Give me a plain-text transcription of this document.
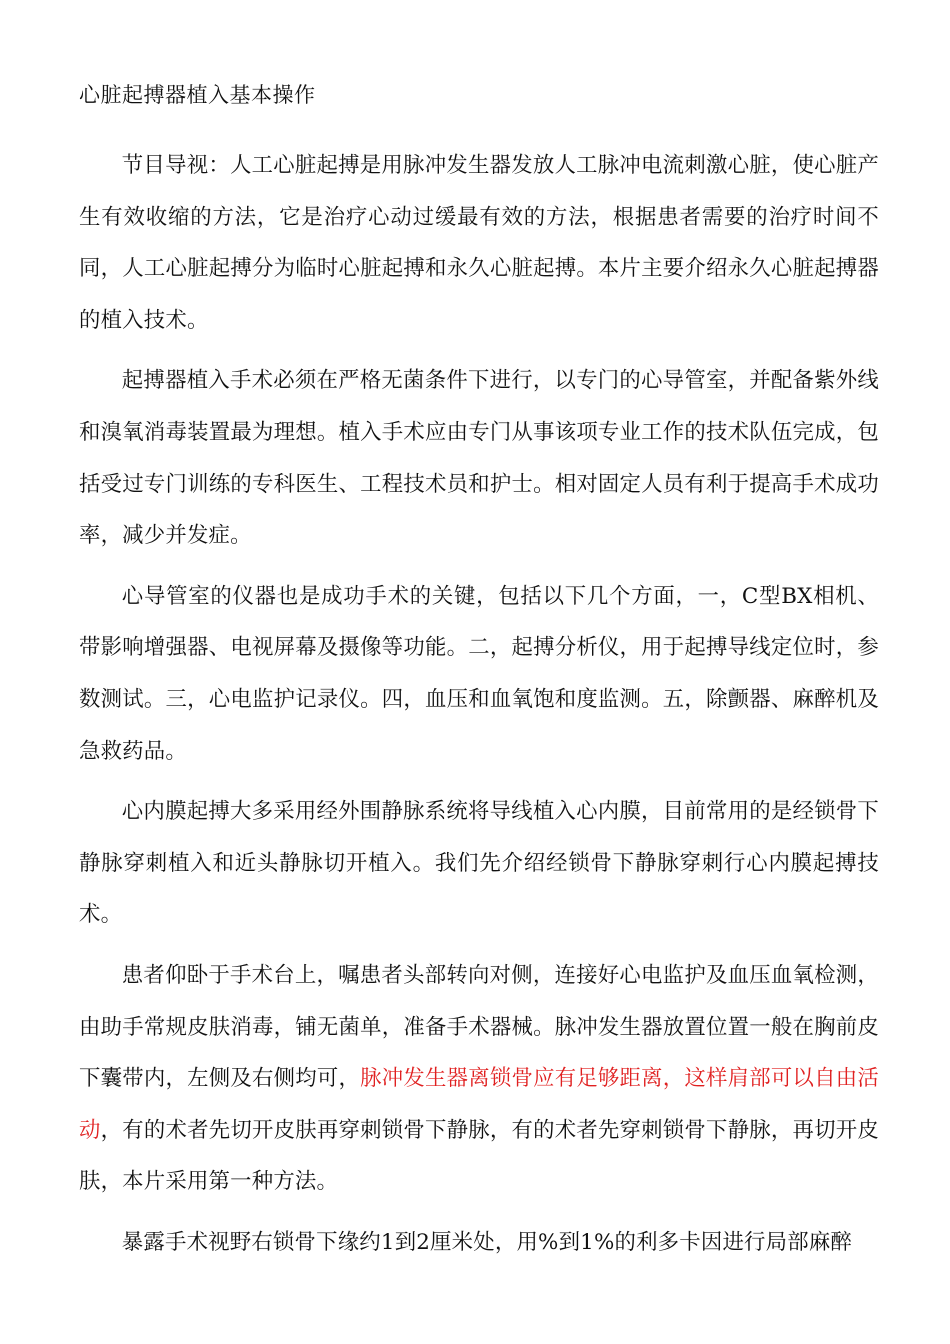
心脏起搏器植入基本操作

节目导视：人工心脏起搏是用脉冲发生器发放人工脉冲电流刺激心脏，使心脏产生有效收缩的方法，它是治疗心动过缓最有效的方法，根据患者需要的治疗时间不同，人工心脏起搏分为临时心脏起搏和永久心脏起搏。本片主要介绍永久心脏起搏器的植入技术。

起搏器植入手术必须在严格无菌条件下进行，以专门的心导管室，并配备紫外线和溴氧消毒装置最为理想。植入手术应由专门从事该项专业工作的技术队伍完成，包括受过专门训练的专科医生、工程技术员和护士。相对固定人员有利于提高手术成功率，减少并发症。

心导管室的仪器也是成功手术的关键，包括以下几个方面，一，C型BX相机、带影响增强器、电视屏幕及摄像等功能。二，起搏分析仪，用于起搏导线定位时，参数测试。三，心电监护记录仪。四，血压和血氧饱和度监测。五，除颤器、麻醉机及急救药品。

心内膜起搏大多采用经外围静脉系统将导线植入心内膜，目前常用的是经锁骨下静脉穿刺植入和近头静脉切开植入。我们先介绍经锁骨下静脉穿刺行心内膜起搏技术。

患者仰卧于手术台上，嘱患者头部转向对侧，连接好心电监护及血压血氧检测，由助手常规皮肤消毒，铺无菌单，准备手术器械。脉冲发生器放置位置一般在胸前皮下囊带内，左侧及右侧均可，脉冲发生器离锁骨应有足够距离，这样肩部可以自由活动，有的术者先切开皮肤再穿刺锁骨下静脉，有的术者先穿刺锁骨下静脉，再切开皮肤，本片采用第一种方法。

暴露手术视野右锁骨下缘约1到2厘米处，用%到1%的利多卡因进行局部麻醉
